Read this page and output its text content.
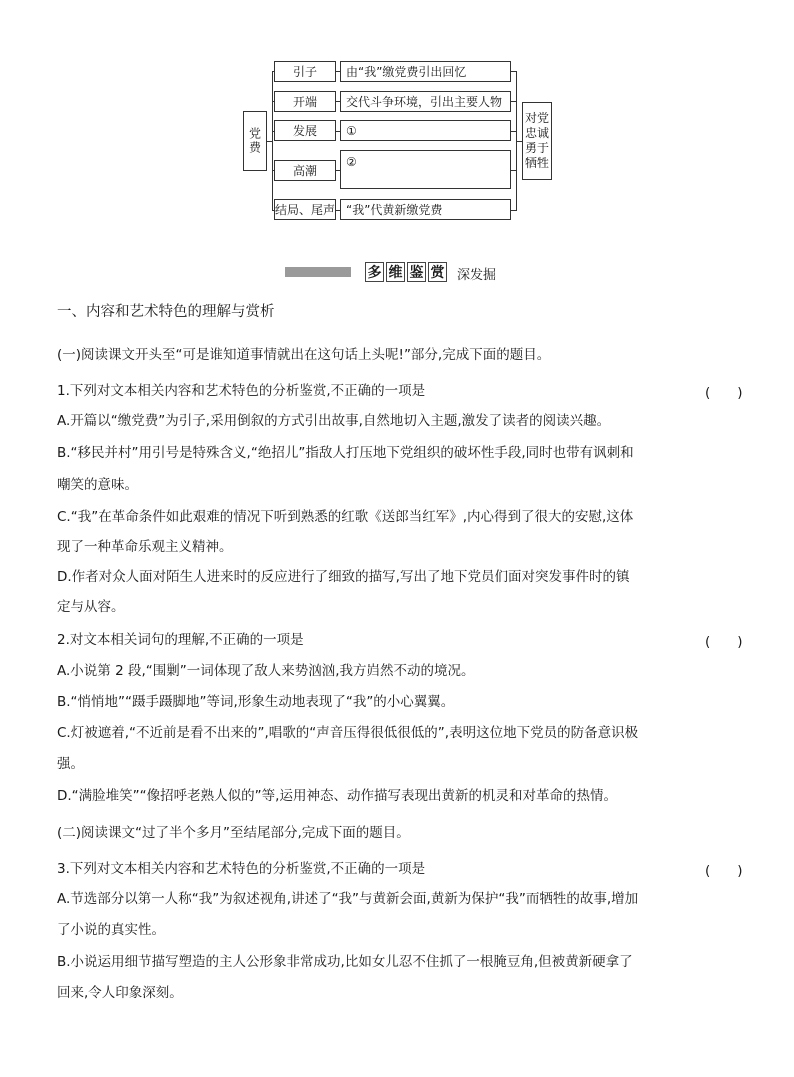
党费
引子
开端
发展
高潮
结局、尾声
由“我”缴党费引出回忆
交代斗争环境，引出主要人物
①
②
“我”代黄新缴党费
对党忠诚勇于牺牲
多 维 鉴 赏 深发掘
一、内容和艺术特色的理解与赏析
(一)阅读课文开头至“可是谁知道事情就出在这句话上头呢!”部分,完成下面的题目。
1.下列对文本相关内容和艺术特色的分析鉴赏,不正确的一项是	(　　)
A.开篇以“缴党费”为引子,采用倒叙的方式引出故事,自然地切入主题,激发了读者的阅读兴趣。
B.“移民并村”用引号是特殊含义,“绝招儿”指敌人打压地下党组织的破坏性手段,同时也带有讽刺和
嘲笑的意味。
C.“我”在革命条件如此艰难的情况下听到熟悉的红歌《送郎当红军》,内心得到了很大的安慰,这体
现了一种革命乐观主义精神。
D.作者对众人面对陌生人进来时的反应进行了细致的描写,写出了地下党员们面对突发事件时的镇
定与从容。
2.对文本相关词句的理解,不正确的一项是	(　　)
A.小说第 2 段,“围剿”一词体现了敌人来势汹汹,我方岿然不动的境况。
B.“悄悄地”“蹑手蹑脚地”等词,形象生动地表现了“我”的小心翼翼。
C.灯被遮着,“不近前是看不出来的”,唱歌的“声音压得很低很低的”,表明这位地下党员的防备意识极
强。
D.“满脸堆笑”“像招呼老熟人似的”等,运用神态、动作描写表现出黄新的机灵和对革命的热情。
(二)阅读课文“过了半个多月”至结尾部分,完成下面的题目。
3.下列对文本相关内容和艺术特色的分析鉴赏,不正确的一项是	(　　)
A.节选部分以第一人称“我”为叙述视角,讲述了“我”与黄新会面,黄新为保护“我”而牺牲的故事,增加
了小说的真实性。
B.小说运用细节描写塑造的主人公形象非常成功,比如女儿忍不住抓了一根腌豆角,但被黄新硬拿了
回来,令人印象深刻。
